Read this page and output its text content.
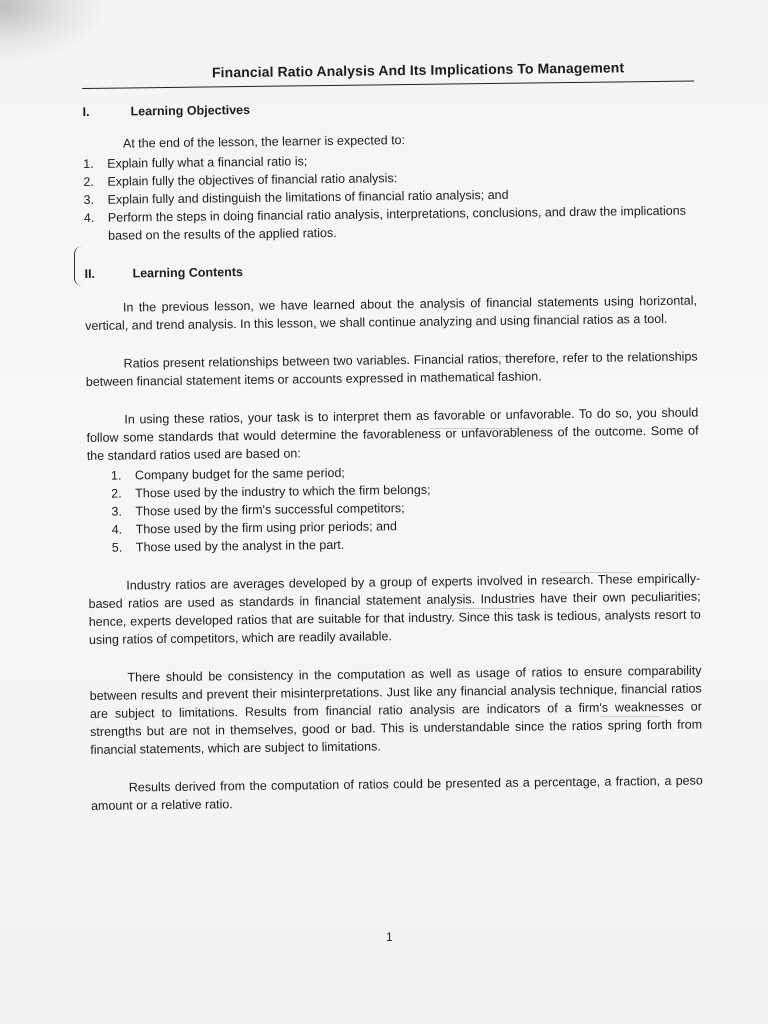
Financial Ratio Analysis And Its Implications To Management
I.	Learning Objectives
At the end of the lesson, the learner is expected to:
1.	Explain fully what a financial ratio is;
2.	Explain fully the objectives of financial ratio analysis:
3.	Explain fully and distinguish the limitations of financial ratio analysis; and
4.	Perform the steps in doing financial ratio analysis, interpretations, conclusions, and draw the implications based on the results of the applied ratios.
II.	Learning Contents

In the previous lesson, we have learned about the analysis of financial statements using horizontal, vertical, and trend analysis. In this lesson, we shall continue analyzing and using financial ratios as a tool.

Ratios present relationships between two variables. Financial ratios, therefore, refer to the relationships between financial statement items or accounts expressed in mathematical fashion.

In using these ratios, your task is to interpret them as favorable or unfavorable. To do so, you should follow some standards that would determine the favorableness or unfavorableness of the outcome. Some of the standard ratios used are based on:

1.	Company budget for the same period;
2.	Those used by the industry to which the firm belongs;
3.	Those used by the firm's successful competitors;
4.	Those used by the firm using prior periods; and
5.	Those used by the analyst in the part.

Industry ratios are averages developed by a group of experts involved in research. These empirically-based ratios are used as standards in financial statement analysis. Industries have their own peculiarities; hence, experts developed ratios that are suitable for that industry. Since this task is tedious, analysts resort to using ratios of competitors, which are readily available.

There should be consistency in the computation as well as usage of ratios to ensure comparability between results and prevent their misinterpretations. Just like any financial analysis technique, financial ratios are subject to limitations. Results from financial ratio analysis are indicators of a firm's weaknesses or strengths but are not in themselves, good or bad. This is understandable since the ratios spring forth from financial statements, which are subject to limitations.

Results derived from the computation of ratios could be presented as a percentage, a fraction, a peso amount or a relative ratio.

1
